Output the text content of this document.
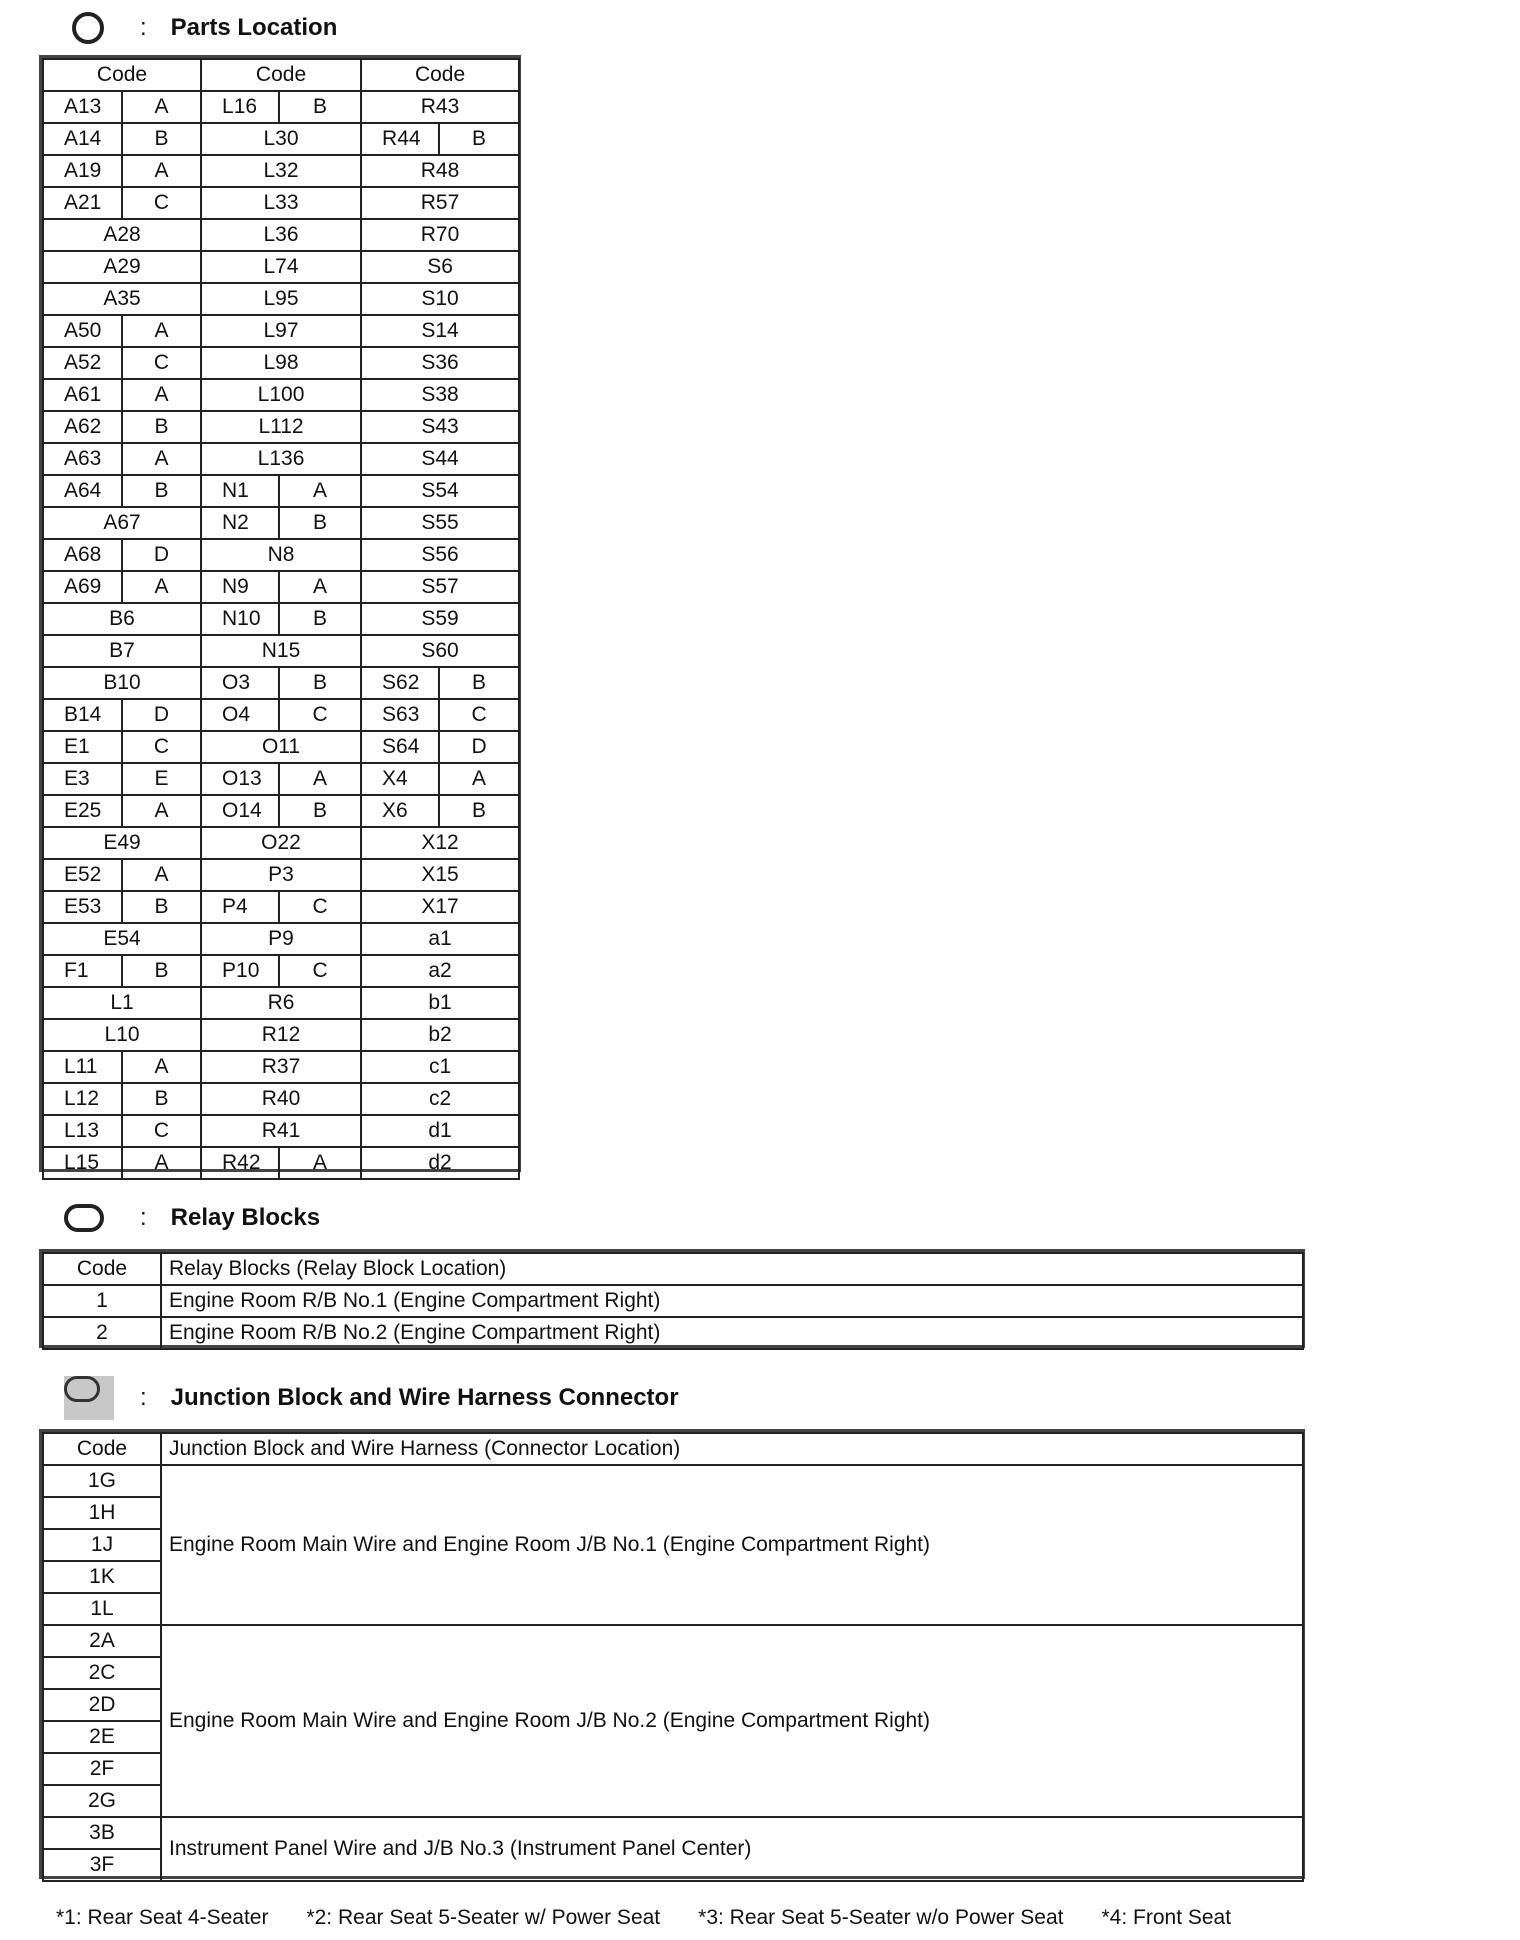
: Parts Location
Code		Code		Code	
A13	A	L16	B	R43	
A14	B	L30		R44	B
A19	A	L32		R48	
A21	C	L33		R57	
A28		L36		R70	
A29		L74		S6	
A35		L95		S10	
A50	A	L97		S14	
A52	C	L98		S36	
A61	A	L100		S38	
A62	B	L112		S43	
A63	A	L136		S44	
A64	B	N1	A	S54	
A67		N2	B	S55	
A68	D	N8		S56	
A69	A	N9	A	S57	
B6		N10	B	S59	
B7		N15		S60	
B10		O3	B	S62	B
B14	D	O4	C	S63	C
E1	C	O11		S64	D
E3	E	O13	A	X4	A
E25	A	O14	B	X6	B
E49		O22		X12	
E52	A	P3		X15	
E53	B	P4	C	X17	
E54		P9		a1	
F1	B	P10	C	a2	
L1		R6		b1	
L10		R12		b2	
L11	A	R37		c1	
L12	B	R40		c2	
L13	C	R41		d1	
L15	A	R42	A	d2	
: Relay Blocks
Code	Relay Blocks (Relay Block Location)
1	Engine Room R/B No.1 (Engine Compartment Right)
2	Engine Room R/B No.2 (Engine Compartment Right)
: Junction Block and Wire Harness Connector
Code	Junction Block and Wire Harness (Connector Location)
1G	Engine Room Main Wire and Engine Room J/B No.1 (Engine Compartment Right)
1H	
1J	
1K	
1L	
2A	Engine Room Main Wire and Engine Room J/B No.2 (Engine Compartment Right)
2C	
2D	
2E	
2F	
2G	
3B	Instrument Panel Wire and J/B No.3 (Instrument Panel Center)
3F	
*1: Rear Seat 4-Seater *2: Rear Seat 5-Seater w/ Power Seat *3: Rear Seat 5-Seater w/o Power Seat *4: Front Seat
